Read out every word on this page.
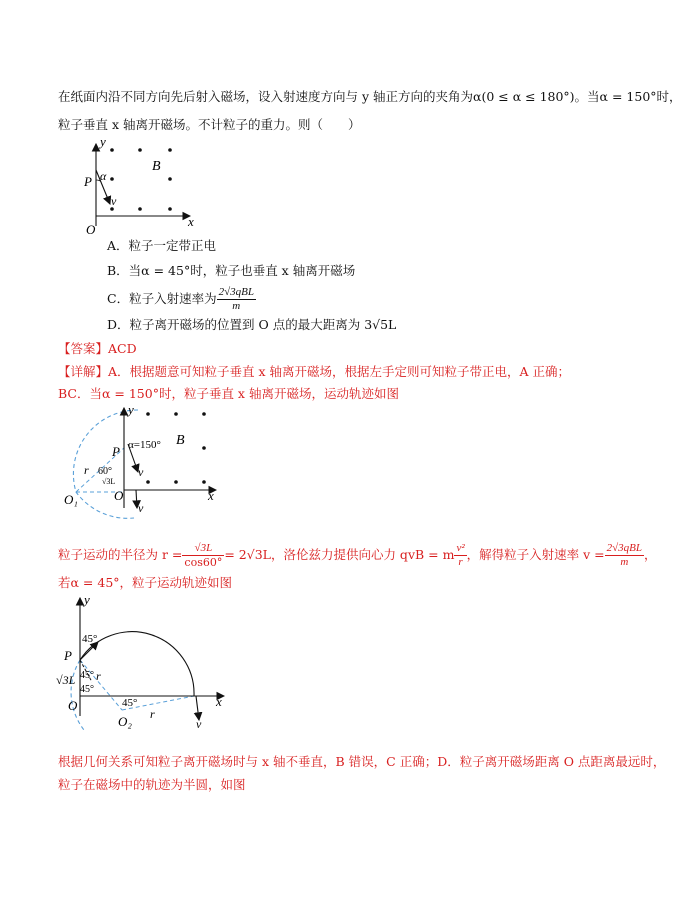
在纸面内沿不同方向先后射入磁场，设入射速度方向与 y 轴正方向的夹角为α(0 ≤ α ≤ 180°)。当α = 150°时，
粒子垂直 x 轴离开磁场。不计粒子的重力。则（　　）
y
x
O
P
B
α
v
A．粒子一定带正电
B．当α = 45°时，粒子也垂直 x 轴离开磁场
C．粒子入射速率为 $\frac{\text{2√3qBL}}{m}$
D．粒子离开磁场的位置到 O 点的最大距离为 3√5L
【答案】ACD
【详解】A．根据题意可知粒子垂直 x 轴离开磁场，根据左手定则可知粒子带正电，A 正确；
BC．当α = 150°时，粒子垂直 x 轴离开磁场，运动轨迹如图
y
x
O
O₁
P
B
r	v
v
α=150°
60°
√3L
粒子运动的半径为 $r = \frac{√3L}{\cos 60^\circ} = 2√3L$，洛伦兹力提供向心力 qvB = m $\frac{\text{v²}}{r}$ ，解得粒子入射速率 $v = \frac{\text{2√3qBL}}{m}$ ，
若α = 45°，粒子运动轨迹如图
y
x
O
O₂
P
r
r
v
45°
45°
45°
45°
√3L
根据几何关系可知粒子离开磁场时与 x 轴不垂直，B 错误，C 正确；D．粒子离开磁场距离 O 点距离最远时，
粒子在磁场中的轨迹为半圆，如图
